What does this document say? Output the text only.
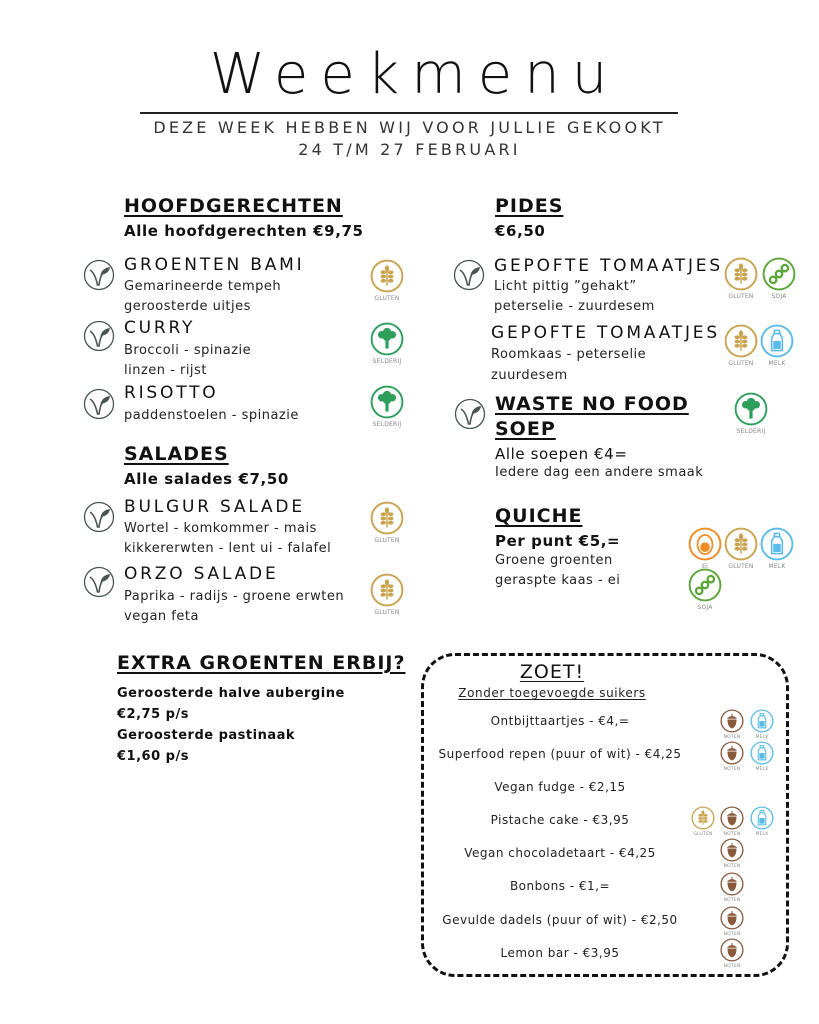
Weekmenu
DEZE WEEK HEBBEN WIJ VOOR JULLIE GEKOOKT
24 T/M 27 FEBRUARI
HOOFDGERECHTEN
Alle hoofdgerechten €9,75
GROENTEN BAMI
Gemarineerde tempeh
geroosterde uitjes
GLUTEN
CURRY
Broccoli - spinazie
linzen - rijst
SELDERIJ
RISOTTO
paddenstoelen - spinazie
SELDERIJ
SALADES
Alle salades €7,50
BULGUR SALADE
Wortel - komkommer - mais
kikkererwten - lent ui - falafel
GLUTEN
ORZO SALADE
Paprika - radijs - groene erwten
vegan feta	GLUTEN
PIDES
€6,50
GEPOFTE TOMAATJES
Licht pittig ”gehakt”
peterselie - zuurdesem
GLUTEN	SOJA
GEPOFTE TOMAATJES
Roomkaas - peterselie
zuurdesem
GLUTEN	MELK
WASTE NO FOOD
SOEP
Alle soepen €4=
Iedere dag een andere smaak
SELDERIJ
QUICHE
Per punt €5,=
Groene groenten
geraspte kaas - ei
EI	GLUTEN	MELK
SOJA
EXTRA GROENTEN ERBIJ?
Geroosterde halve aubergine
€2,75 p/s
Geroosterde pastinaak
€1,60 p/s
ZOET!
Zonder toegevoegde suikers
Ontbijttaartjes - €4,=
NOTEN	MELK
Superfood repen (puur of wit) - €4,25
NOTEN	MELK
Vegan fudge - €2,15
Pistache cake - €3,95
GLUTEN	NOTEN	MELK
Vegan chocoladetaart - €4,25
NOTEN
Bonbons - €1,=
NOTEN
Gevulde dadels (puur of wit) - €2,50
NOTEN
Lemon bar - €3,95
NOTEN
